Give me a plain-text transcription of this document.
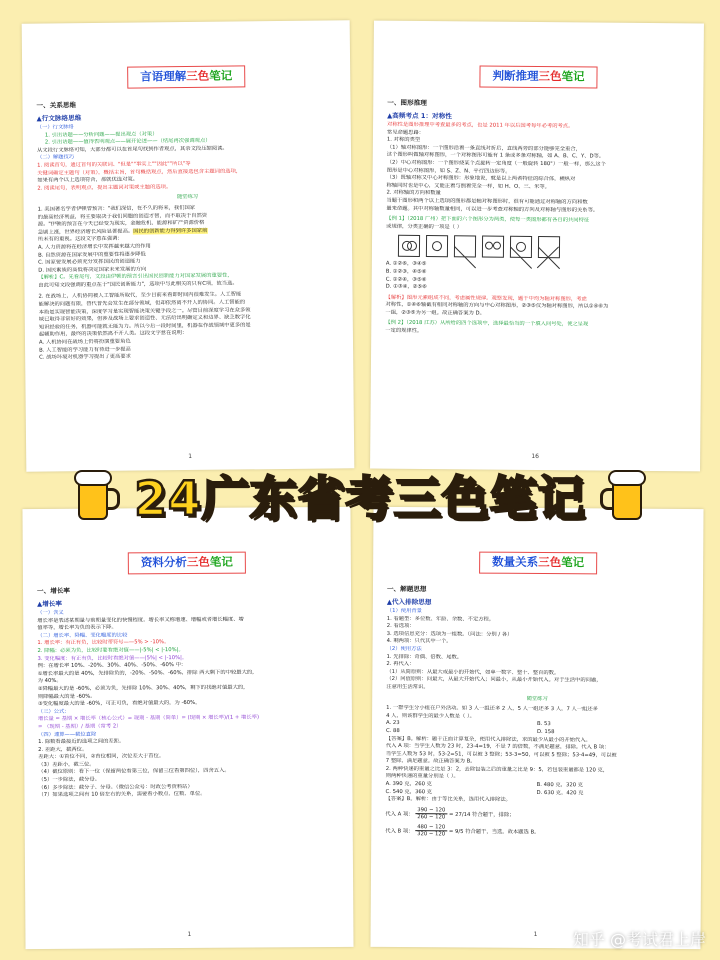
言语理解三色笔记
一、关系思维
▲行文脉络思维
（一）行文脉络
1. 引出话题——分析问题——提出观点（对策）
2. 引出话题——值得表明观点——展开论述——（结尾再次强调观点）
从文段行文脉络可知，大部分都可以在首尾句找到作者观点，其余文段压缩阅读。
（二）解题技巧
1. 阅读首句，通过首句的关联词、"但是""事实上""因此""所以"等
关键词确定主题句（对策），概括主旨，首句概括观点，然后直接选包含主题词的选项，
如果有两个以上选项符合，那就优选对策。
2. 阅读尾句，表明观点，提出主题词对策或主题的选项。
随堂练习
1. 美国著名学者伊顿曾预言："我们深信，在不久的将来，我们国家
的最高经济利益，将主要取决于我们同胞的创造才智，而不取决于自然资
源。"伊顿的预言在今天已经变为现实，金融危机、能源和矿产资源价格
急剧上涨，世界经济增长风险显著提高。国民的创新能力得到许多国家前
所未有的重视。这段文字意在强调：
A. 人力资源将在经济增长中发挥越来越大的作用
B. 自然资源在国家发展中的重要性将逐步降低
C. 国家要发展必须充分发挥国民的创造能力
D. 国民素质的高低将决定国家未来发展的方向
【解析】C。先看尾句，文段由伊顿的预言引出国民创新能力对国家发展的重要性，
由此可知文段强调的重点在于"国民创新能力"，选项中与此相关的只有C项，故当选。
2. 在战场上，人机协同被人工智能所取代，至少目前来看即时间内很难发生。人工智能
能解决的问题有限，替代普先会发生在部分领域，但却依然离不开人的协同。人工智能的
本质是实现智能决策，深度学习是实现智能决策关键手段之一。尽管目前深度学习在众多领
域已取得非常好的效果，但涉及战场上要求创造性、无法给出明确定义和边界、缺乏数字化
知识经验的任务，机器可能就无能为力。所以今后一段时间里，机器在作战领域中更多的是
起辅助作用，最终的决策依然离不开人类。这段文字意在说明：
A. 人机协同在战场上仍将扮演重要角色
B. 人工智能的学习能力有待进一步提高
C. 战场环境对机器学习提出了更高要求
1
判断推理三色笔记
一、图形推理
▲高频考点 1：对称性
对称性是图形推理中考查最多的考点，也是 2011 年以后国考每年必考的考点。
常见命题思路：
1. 对称的类型
（1）轴对称图形：一个图形沿着一条直线对折后，直线两旁的部分能够完全重合，
这个图形叫做轴对称图形，一个对称图形可能有 1 条或多条对称轴，如 A、B、C、Y、D等。
（2）中心对称图形：一个图形绕某个点旋转一定角度（一般旋转 180°）一般一样，那么这个
图形是中心对称图形，如 S、Z、N、平行四边形等。
（3）既轴对称又中心对称图形：形象地说，就是以上两者特征的综合体，横纵对
称轴同时也是中心，又能正着与倒着完全一样，如 H、O、三、米等。
2. 对称轴的方向和数量
当题干图形和两个以上选项的图形都是轴对称图形时，很有可能通过对称轴的方向和数
量来命题。其中对称轴数量相同，可以进一步考查对称轴的方向及对称轴与图形的关系等。
【例 1】（2018 广州）把下面的六个图形分为两类，使每一类图形都有各自的共同特征
或规律，分类正确的一项是（ ）
A. ①②⑥，③④⑤
B. ①②③，④⑤⑥
C. ①②④，③⑤⑥
D. ①③④，②⑤⑥
【解析】图形元素组成不同，考虑属性规律。观察发现，题干中均为轴对称图形，考虑
对称性，①④⑥轴截有相同对称轴的方向与中心对称图形，②③⑤仅为轴对称图形，所以①④⑥为
一组，②③⑤为另一组。故正确答案为 D。
【例 2】（2018 江苏）从所给的四个选项中，选择最恰当的一个填入问号处，使之呈现
一定的规律性。
16
24广东省考三色笔记
资料分析三色笔记
一、增长率
▲增长率
（一）含义
增长率是表述某期量与前期量变化的快慢程度。增长率又称增速、增幅或者增长幅度、增
值率等，增长率为负的表示下降。
（二）增长率、降幅、变化幅度的比较
1. 增长率：有正有负，比较时带符号——5% > -10%。
2. 降幅：必须为负，比较时要看绝对值——|-5%| < |-10%|。
3. 变化幅度：有正有负，比较时看绝对值——|5%| < |-10%|。
例：在增长率 10%、-20%、30%、40%、-50%、-60% 中：
①增长率最大的是 40%，先排除负的，-20%、-50%、-60%，排除 两大剩下的中较最大的，
为 40%。
②降幅最大的是 -60%，必须为负，先排除 10%、30%、40%，剩下的找绝对值最大的，
则降幅最大的是 -60%。
③变化幅度最大的是 -60%，可正可负，看绝对值最大的，为 -60%。
（三）公式：
增长量 = 基期 × 增长率（核心公式）= 现期 - 基期（简单）= (现期 × 增长率)/(1 + 增长率)
= （现期 - 基期）/ 基期（常考 2）
（四）速算——截位直除
1. 除数看最接近的选项之间的差距。
2. 差距大，截两位。
差距大：①首位不同，②首位相同，次位差大于首位。
（3）差距小，截三位。
（4）截位原则：看下一位（保留两位看第三位，保留三位看第四位），四舍五入。
（5）一步除法，截分母。
（6）多步除法：截分子、分母。（微信公众号：时政公考资料站）
（7）如果选项之间有 10 倍左右的关系，需要看小数点、位数、单位。
1
数量关系三色笔记
一、解题思想
▲代入排除思想
（1）使用背景
1. 看题型：多位数、年龄、余数、不定方程。
2. 看选项：
3. 选项信息充分：选项为一组数。（问法：分别 / 各）
4. 剩两项：只代其中一个。
（2）使用方法
1. 先排除：奇偶、倍数、尾数。
2. 再代入：
（1）从简原则：从最大或最小的开始代，如单一数字、整十、整百的数。
（2）问值原则：问最大，从最大开始代入；问最小，从最小开始代入。对于生活中的问题，
注意用生活常识。
随堂练习
1. 一群学生分小组在户外活动。如 3 人一组还多 2 人，5 人一组还多 3 人，7 人一组还多
4 人，则该群学生的最少人数是（ ）。
A. 23	B. 53
C. 88	D. 158
【答案】B。解析：题干正面计算复杂，使用代入排除法，求的最少从最小的开始代入。
代入 A 项：当学生人数为 23 时，23-4=19，不是 7 的倍数，不满足题意，排除。代入 B 项：
当学生人数为 53 时，53-2=51，可以被 3 整除；53-3=50，可以被 5 整除；53-4=49，可以被
7 整除，满足题意。故正确答案为 B。
2. 两种快递的重量之比是 3：2，去除包装之后的重量之比是 9：5，若包装重量都是 120 克，
则两种快递的重量分别是（ ）。
A. 390 克，260 克	B. 480 克，320 克
C. 540 克，360 克	D. 630 克，420 克
【答案】B。解析：由于等比关系，选用代入排除法。
代入 A 项： $\frac{390 - 120}{260 - 120} = 27/14$ 符合题干，排除；
代入 B 项： $\frac{480 - 120}{320 - 120} = 9/5$ 符合题干，当选。故本题选 B。
1	知乎 @考试君上岸
